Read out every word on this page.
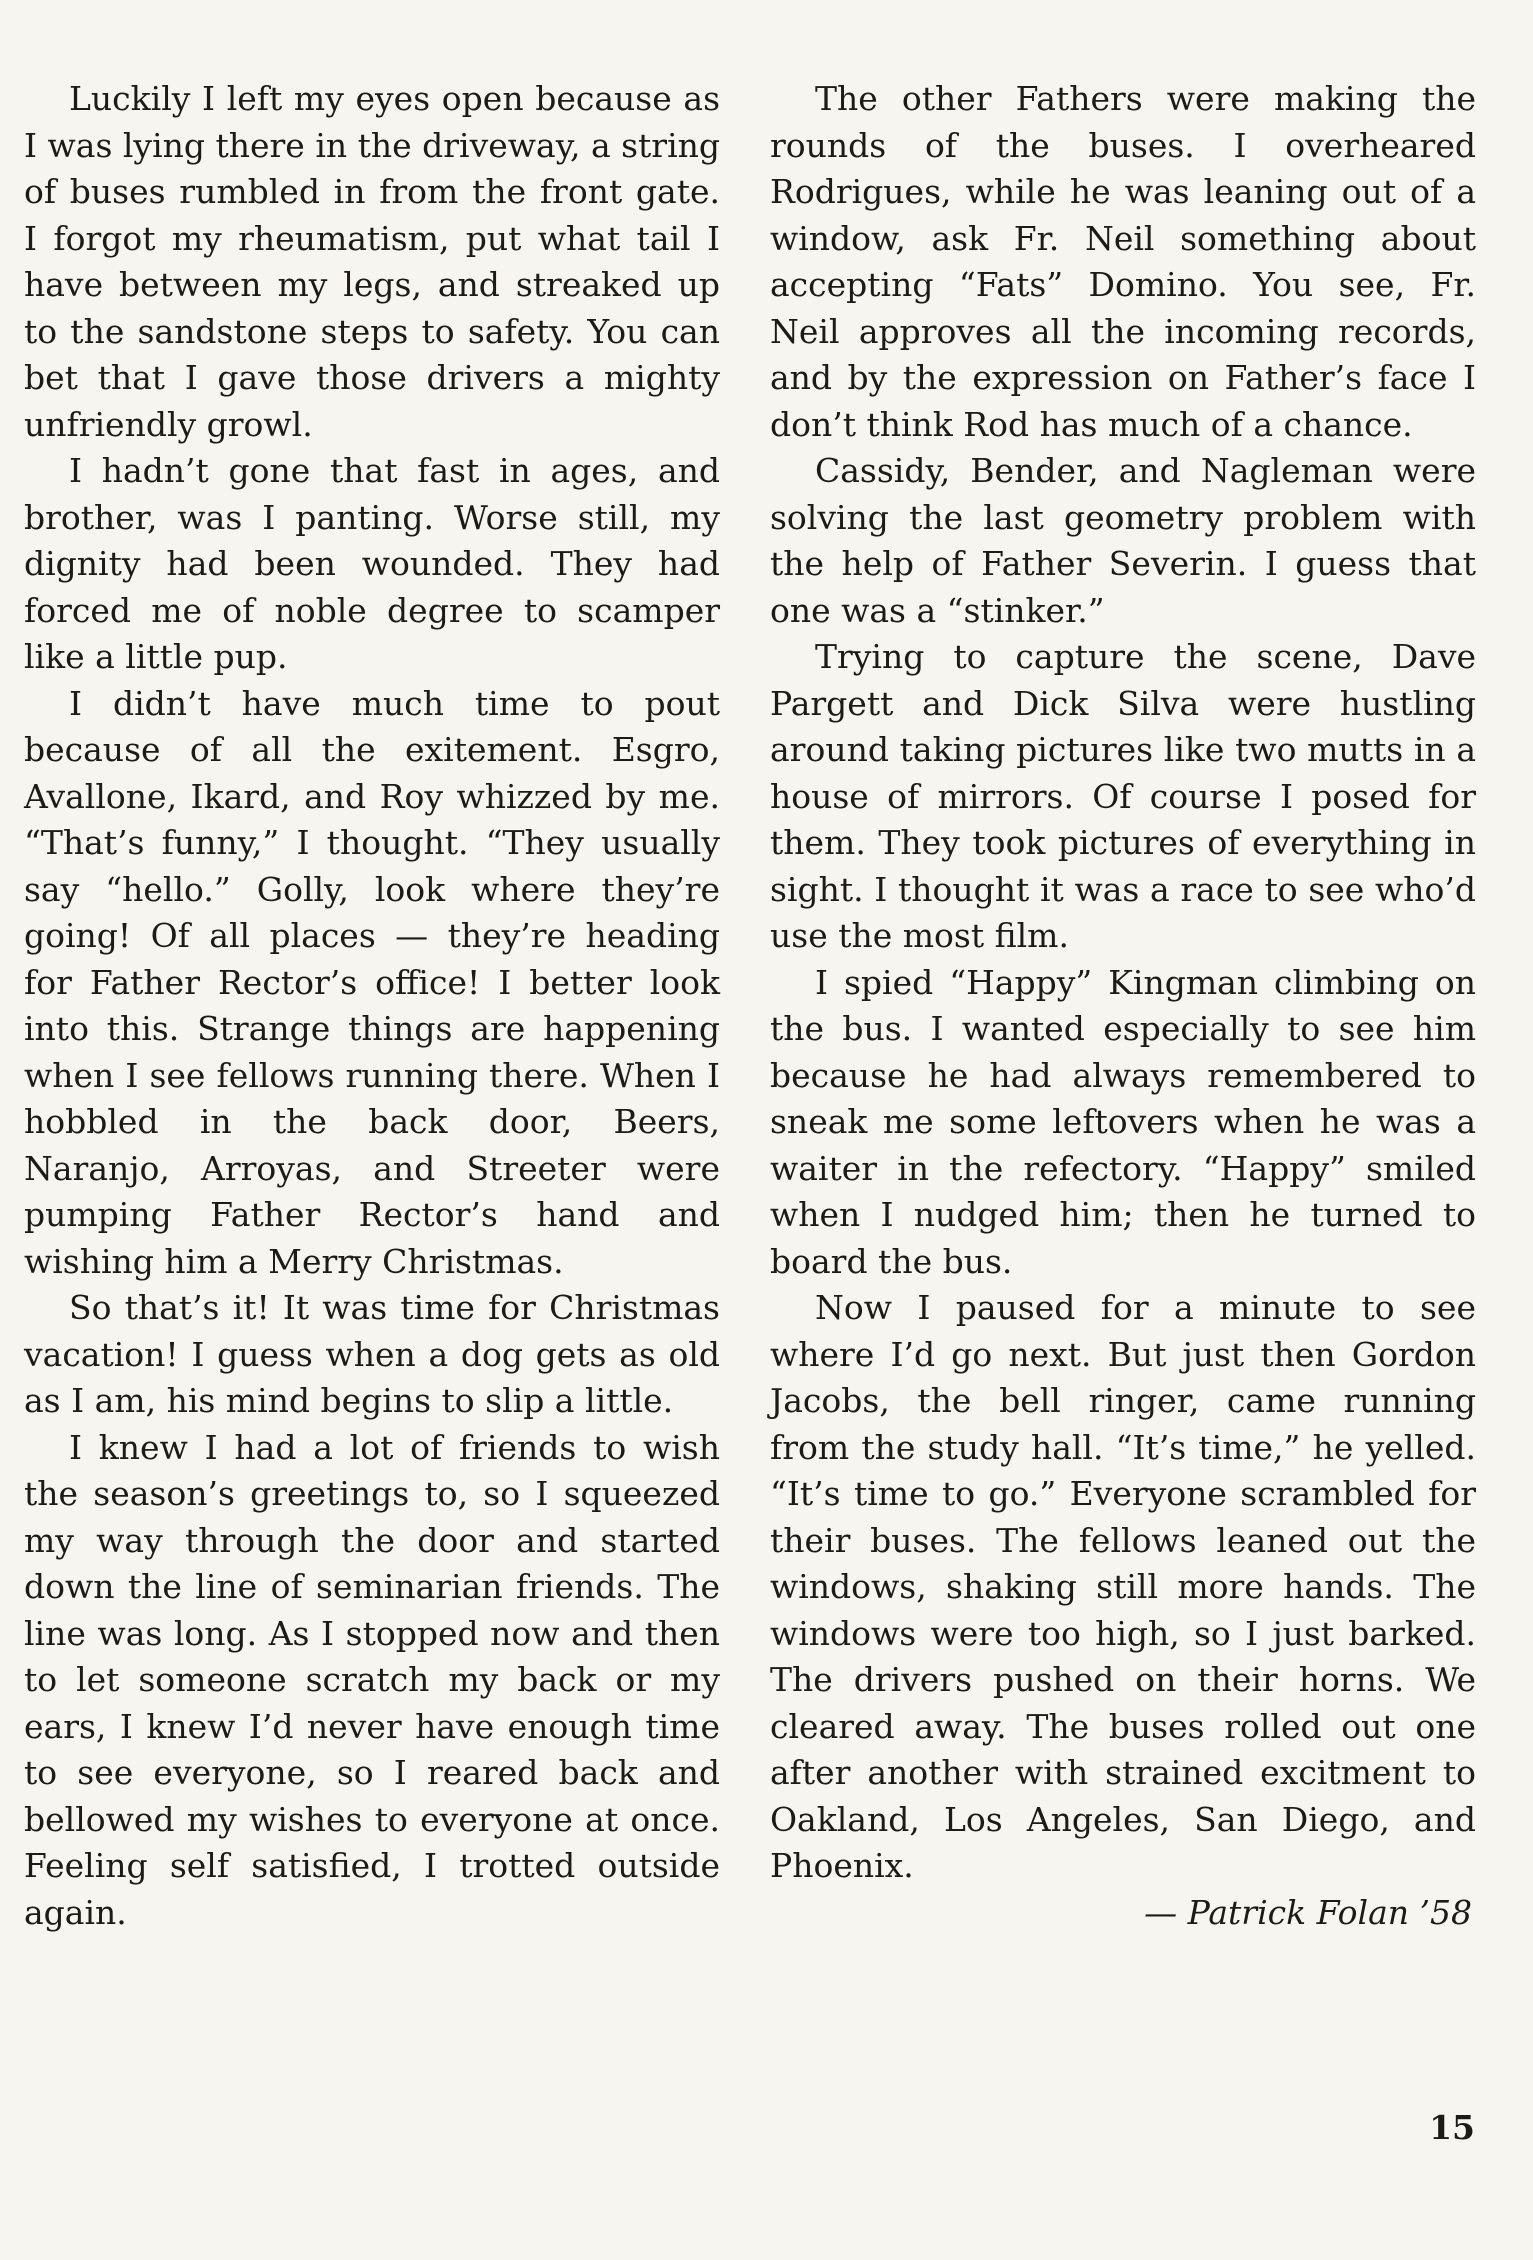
Luckily I left my eyes open because as I was lying there in the driveway, a string of buses rumbled in from the front gate. I forgot my rheumatism, put what tail I have between my legs, and streaked up to the sandstone steps to safety. You can bet that I gave those drivers a mighty unfriendly growl.

I hadn’t gone that fast in ages, and brother, was I panting. Worse still, my dignity had been wounded. They had forced me of noble degree to scamper like a little pup.

I didn’t have much time to pout because of all the exitement. Esgro, Avallone, Ikard, and Roy whizzed by me. “That’s funny,” I thought. “They usually say “hello.” Golly, look where they’re going! Of all places — they’re heading for Father Rector’s office! I better look into this. Strange things are happening when I see fellows running there. When I hobbled in the back door, Beers, Naranjo, Arroyas, and Streeter were pumping Father Rector’s hand and wishing him a Merry Christmas.

So that’s it! It was time for Christmas vacation! I guess when a dog gets as old as I am, his mind begins to slip a little.

I knew I had a lot of friends to wish the season’s greetings to, so I squeezed my way through the door and started down the line of seminarian friends. The line was long. As I stopped now and then to let someone scratch my back or my ears, I knew I’d never have enough time to see everyone, so I reared back and bellowed my wishes to everyone at once. Feeling self satisfied, I trotted outside again.

The other Fathers were making the rounds of the buses. I overheared Rodrigues, while he was leaning out of a window, ask Fr. Neil something about accepting “Fats” Domino. You see, Fr. Neil approves all the incoming records, and by the expression on Father’s face I don’t think Rod has much of a chance.

Cassidy, Bender, and Nagleman were solving the last geometry problem with the help of Father Severin. I guess that one was a “stinker.”

Trying to capture the scene, Dave Pargett and Dick Silva were hustling around taking pictures like two mutts in a house of mirrors. Of course I posed for them. They took pictures of everything in sight. I thought it was a race to see who’d use the most film.

I spied “Happy” Kingman climbing on the bus. I wanted especially to see him because he had always remembered to sneak me some leftovers when he was a waiter in the refectory. “Happy” smiled when I nudged him; then he turned to board the bus.

Now I paused for a minute to see where I’d go next. But just then Gordon Jacobs, the bell ringer, came running from the study hall. “It’s time,” he yelled. “It’s time to go.” Everyone scrambled for their buses. The fellows leaned out the windows, shaking still more hands. The windows were too high, so I just barked. The drivers pushed on their horns. We cleared away. The buses rolled out one after another with strained excitment to Oakland, Los Angeles, San Diego, and Phoenix.

— Patrick Folan ’58

15
